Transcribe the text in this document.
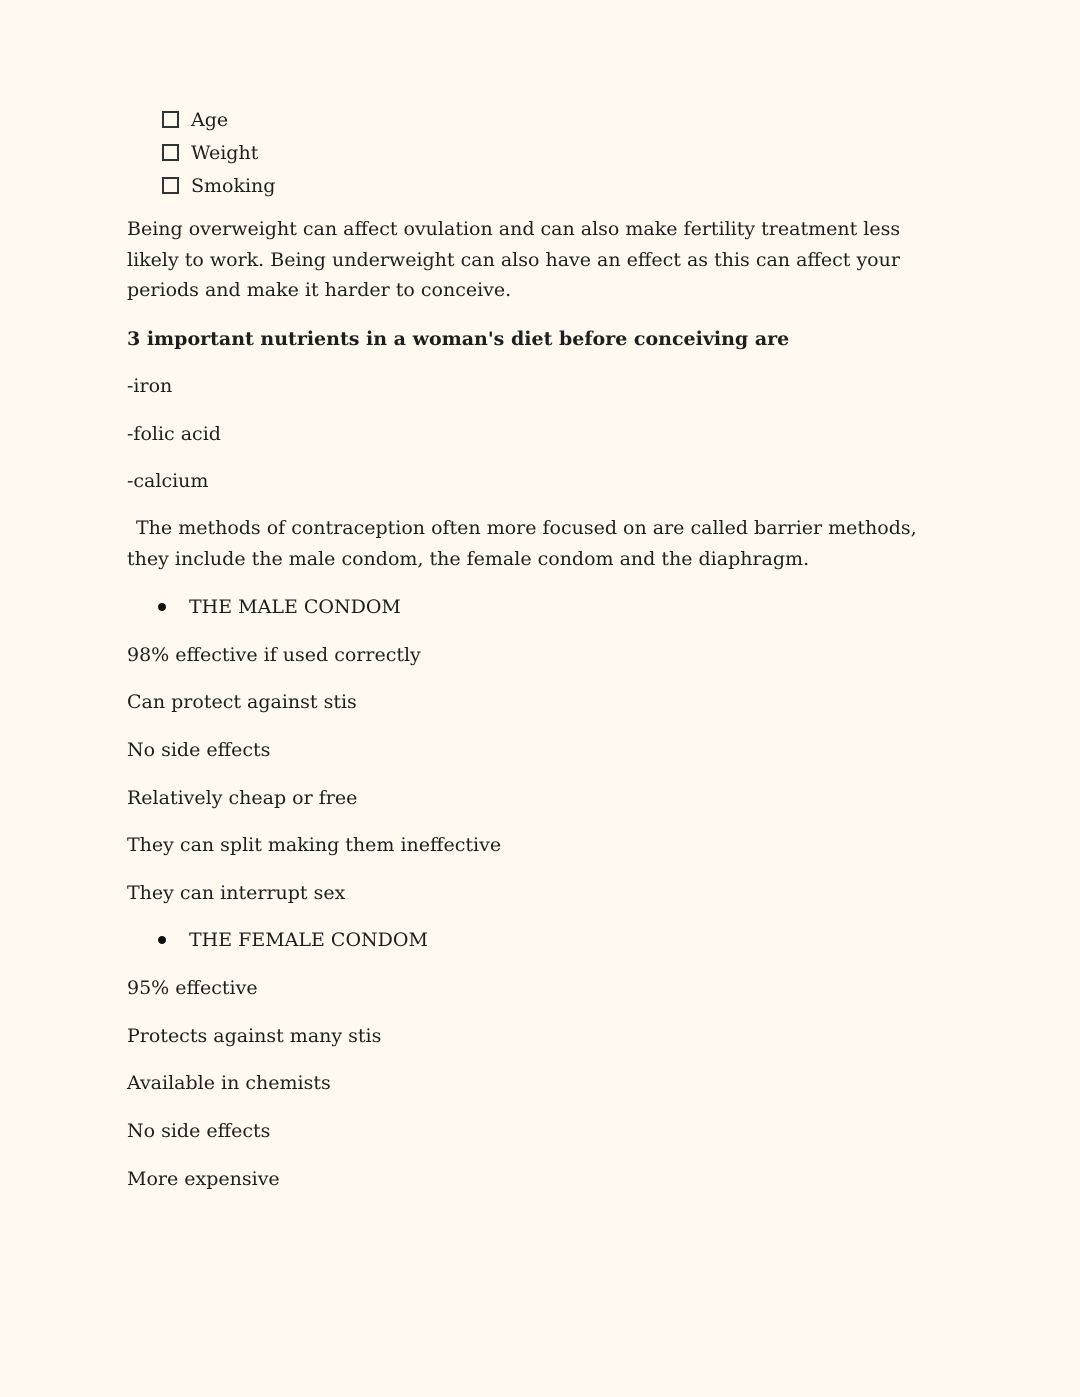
Age
Weight
Smoking
Being overweight can affect ovulation and can also make fertility treatment less likely to work. Being underweight can also have an effect as this can affect your periods and make it harder to conceive.
3 important nutrients in a woman's diet before conceiving are
-iron
-folic acid
-calcium
The methods of contraception often more focused on are called barrier methods, they include the male condom, the female condom and the diaphragm.
THE MALE CONDOM
98% effective if used correctly
Can protect against stis
No side effects
Relatively cheap or free
They can split making them ineffective
They can interrupt sex
THE FEMALE CONDOM
95% effective
Protects against many stis
Available in chemists
No side effects
More expensive
